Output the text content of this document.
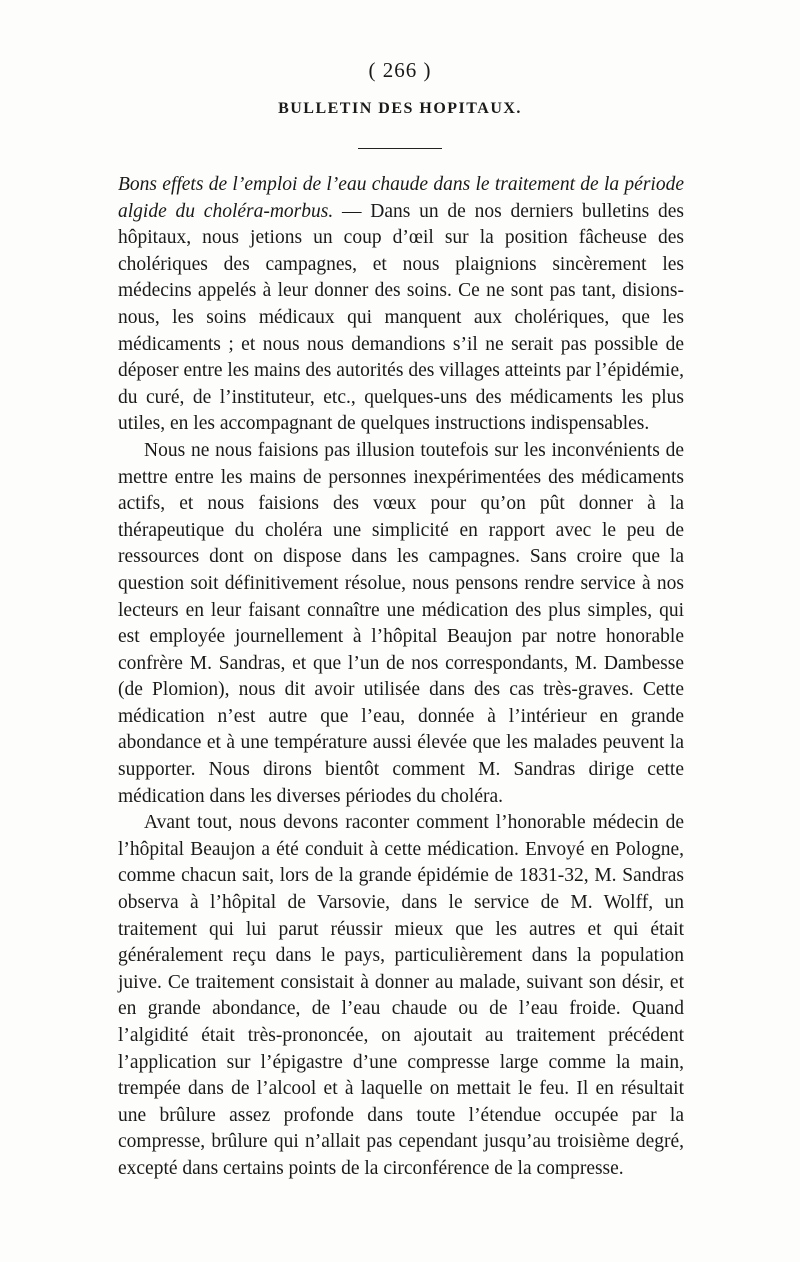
( 266 )
BULLETIN DES HOPITAUX.

Bons effets de l’emploi de l’eau chaude dans le traitement de la période algide du choléra-morbus. — Dans un de nos derniers bulletins des hôpitaux, nous jetions un coup d’œil sur la position fâcheuse des cholériques des campagnes, et nous plaignions sincèrement les médecins appelés à leur donner des soins. Ce ne sont pas tant, disions-nous, les soins médicaux qui manquent aux cholériques, que les médicaments ; et nous nous demandions s’il ne serait pas possible de déposer entre les mains des autorités des villages atteints par l’épidémie, du curé, de l’instituteur, etc., quelques-uns des médicaments les plus utiles, en les accompagnant de quelques instructions indispensables.

Nous ne nous faisions pas illusion toutefois sur les inconvénients de mettre entre les mains de personnes inexpérimentées des médicaments actifs, et nous faisions des vœux pour qu’on pût donner à la thérapeutique du choléra une simplicité en rapport avec le peu de ressources dont on dispose dans les campagnes. Sans croire que la question soit définitivement résolue, nous pensons rendre service à nos lecteurs en leur faisant connaître une médication des plus simples, qui est employée journellement à l’hôpital Beaujon par notre honorable confrère M. Sandras, et que l’un de nos correspondants, M. Dambesse (de Plomion), nous dit avoir utilisée dans des cas très-graves. Cette médication n’est autre que l’eau, donnée à l’intérieur en grande abondance et à une température aussi élevée que les malades peuvent la supporter. Nous dirons bientôt comment M. Sandras dirige cette médication dans les diverses périodes du choléra.

Avant tout, nous devons raconter comment l’honorable médecin de l’hôpital Beaujon a été conduit à cette médication. Envoyé en Pologne, comme chacun sait, lors de la grande épidémie de 1831-32, M. Sandras observa à l’hôpital de Varsovie, dans le service de M. Wolff, un traitement qui lui parut réussir mieux que les autres et qui était généralement reçu dans le pays, particulièrement dans la population juive. Ce traitement consistait à donner au malade, suivant son désir, et en grande abondance, de l’eau chaude ou de l’eau froide. Quand l’algidité était très-prononcée, on ajoutait au traitement précédent l’application sur l’épigastre d’une compresse large comme la main, trempée dans de l’alcool et à laquelle on mettait le feu. Il en résultait une brûlure assez profonde dans toute l’étendue occupée par la compresse, brûlure qui n’allait pas cependant jusqu’au troisième degré, excepté dans certains points de la circonférence de la compresse.
